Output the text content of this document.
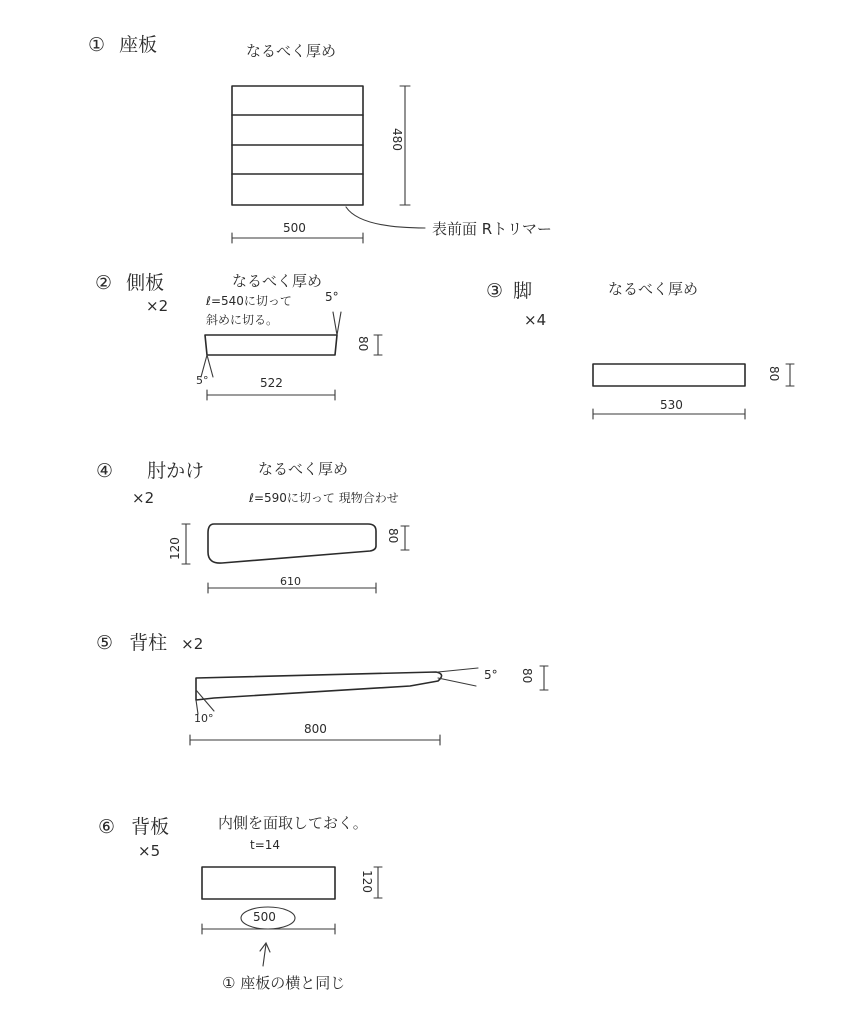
① 座板	なるべく厚め
480
500	表前面 Rトリマー
② 側板	なるべく厚め
×2	ℓ=540に切って
斜めに切る。
5°
5°
80
522
③ 脚	なるべく厚め
×4
80
530
④ 肘かけ	なるべく厚め
×2	ℓ=590に切って 現物合わせ
120
80
610
⑤ 背柱 ×2
10°
5° 80
800
⑥ 背板	内側を面取しておく。
×5	t=14
120
500
① 座板の横と同じ
